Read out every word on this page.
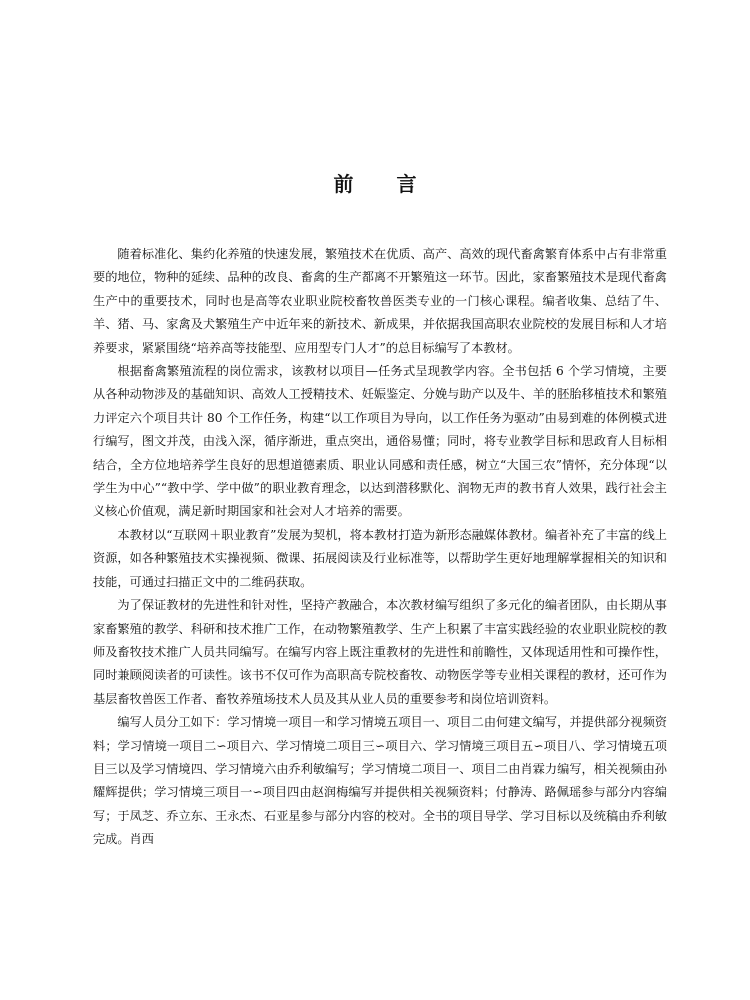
前 言

随着标准化、集约化养殖的快速发展，繁殖技术在优质、高产、高效的现代畜禽繁育体系中占有非常重要的地位，物种的延续、品种的改良、畜禽的生产都离不开繁殖这一环节。因此，家畜繁殖技术是现代畜禽生产中的重要技术，同时也是高等农业职业院校畜牧兽医类专业的一门核心课程。编者收集、总结了牛、羊、猪、马、家禽及犬繁殖生产中近年来的新技术、新成果，并依据我国高职农业院校的发展目标和人才培养要求，紧紧围绕“培养高等技能型、应用型专门人才”的总目标编写了本教材。

根据畜禽繁殖流程的岗位需求，该教材以项目—任务式呈现教学内容。全书包括 6 个学习情境，主要从各种动物涉及的基础知识、高效人工授精技术、妊娠鉴定、分娩与助产以及牛、羊的胚胎移植技术和繁殖力评定六个项目共计 80 个工作任务，构建“以工作项目为导向，以工作任务为驱动”由易到难的体例模式进行编写，图文并茂，由浅入深，循序渐进，重点突出，通俗易懂；同时，将专业教学目标和思政育人目标相结合，全方位地培养学生良好的思想道德素质、职业认同感和责任感，树立“大国三农”情怀，充分体现“以学生为中心”“教中学、学中做”的职业教育理念，以达到潜移默化、润物无声的教书育人效果，践行社会主义核心价值观，满足新时期国家和社会对人才培养的需要。

本教材以“互联网＋职业教育”发展为契机，将本教材打造为新形态融媒体教材。编者补充了丰富的线上资源，如各种繁殖技术实操视频、微课、拓展阅读及行业标准等，以帮助学生更好地理解掌握相关的知识和技能，可通过扫描正文中的二维码获取。

为了保证教材的先进性和针对性，坚持产教融合，本次教材编写组织了多元化的编者团队，由长期从事家畜繁殖的教学、科研和技术推广工作，在动物繁殖教学、生产上积累了丰富实践经验的农业职业院校的教师及畜牧技术推广人员共同编写。在编写内容上既注重教材的先进性和前瞻性，又体现适用性和可操作性，同时兼顾阅读者的可读性。该书不仅可作为高职高专院校畜牧、动物医学等专业相关课程的教材，还可作为基层畜牧兽医工作者、畜牧养殖场技术人员及其从业人员的重要参考和岗位培训资料。

编写人员分工如下：学习情境一项目一和学习情境五项目一、项目二由何建文编写，并提供部分视频资料；学习情境一项目二∽项目六、学习情境二项目三∽项目六、学习情境三项目五∽项目八、学习情境五项目三以及学习情境四、学习情境六由乔利敏编写；学习情境二项目一、项目二由肖霖力编写，相关视频由孙耀辉提供；学习情境三项目一∽项目四由赵润梅编写并提供相关视频资料；付静涛、路佩瑶参与部分内容编写；于凤芝、乔立东、王永杰、石亚星参与部分内容的校对。全书的项目导学、学习目标以及统稿由乔利敏完成。肖西
